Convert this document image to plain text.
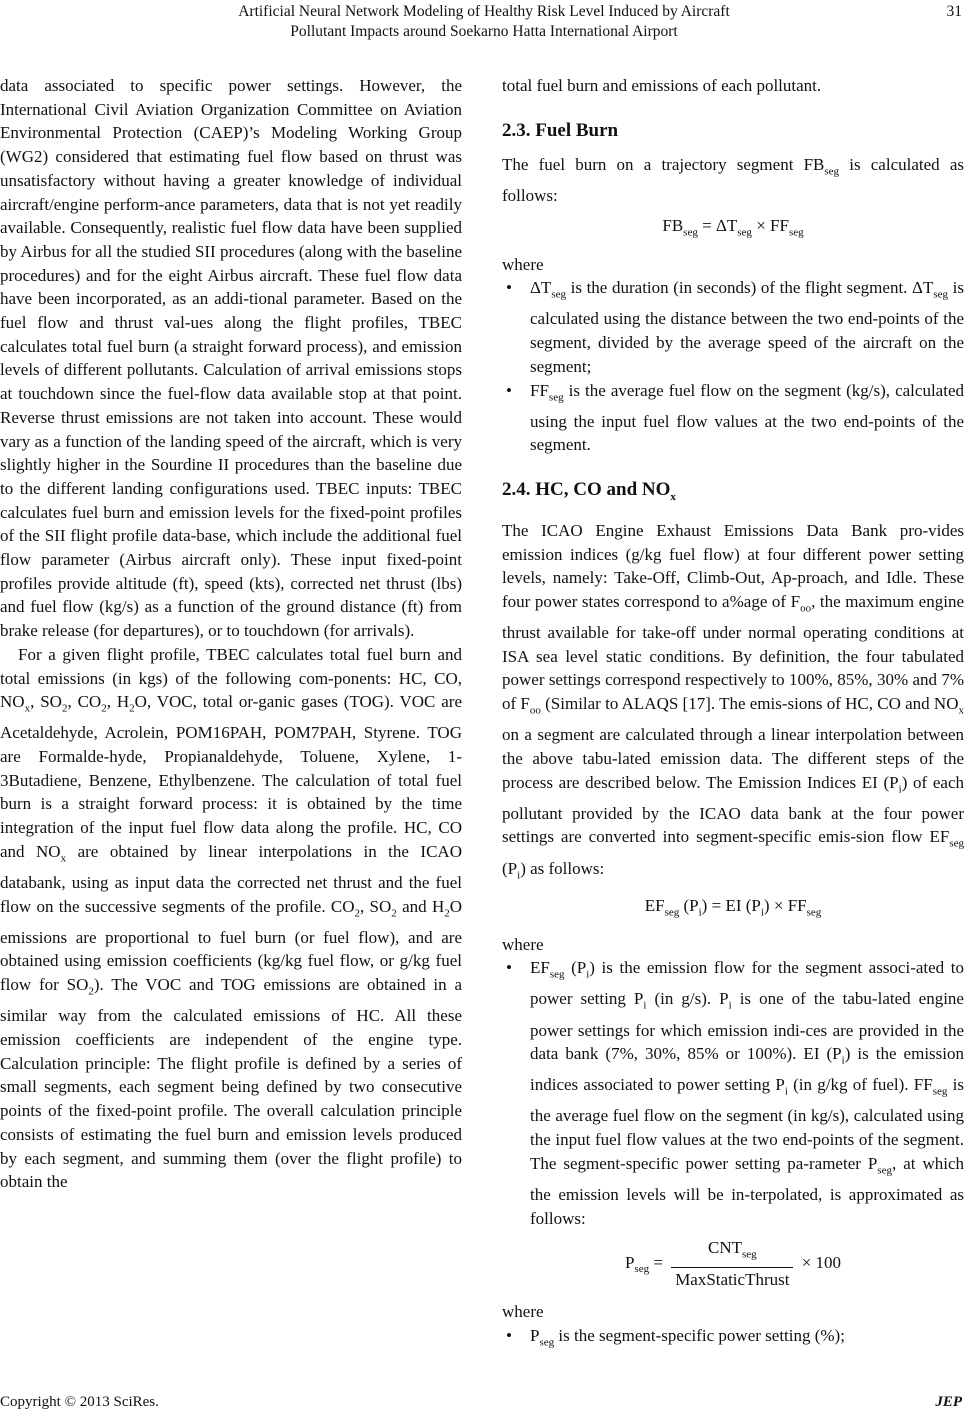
Artificial Neural Network Modeling of Healthy Risk Level Induced by Aircraft
Pollutant Impacts around Soekarno Hatta International Airport
31

data associated to specific power settings. However, the International Civil Aviation Organization Committee on Aviation Environmental Protection (CAEP)’s Modeling Working Group (WG2) considered that estimating fuel flow based on thrust was unsatisfactory without having a greater knowledge of individual aircraft/engine perform-ance parameters, data that is not yet readily available. Consequently, realistic fuel flow data have been supplied by Airbus for all the studied SII procedures (along with the baseline procedures) and for the eight Airbus aircraft. These fuel flow data have been incorporated, as an addi-tional parameter. Based on the fuel flow and thrust val-ues along the flight profiles, TBEC calculates total fuel burn (a straight forward process), and emission levels of different pollutants. Calculation of arrival emissions stops at touchdown since the fuel-flow data available stop at that point. Reverse thrust emissions are not taken into account. These would vary as a function of the landing speed of the aircraft, which is very slightly higher in the Sourdine II procedures than the baseline due to the different landing configurations used. TBEC inputs: TBEC calculates fuel burn and emission levels for the fixed-point profiles of the SII flight profile data-base, which include the additional fuel flow parameter (Airbus aircraft only). These input fixed-point profiles provide altitude (ft), speed (kts), corrected net thrust (lbs) and fuel flow (kg/s) as a function of the ground distance (ft) from brake release (for departures), or to touchdown (for arrivals).

For a given flight profile, TBEC calculates total fuel burn and total emissions (in kgs) of the following com-ponents: HC, CO, $NO_x$, $SO_2$, $CO_2$, $H_2O$, VOC, total or-ganic gases (TOG). VOC are Acetaldehyde, Acrolein, POM16PAH, POM7PAH, Styrene. TOG are Formalde-hyde, Propianaldehyde, Toluene, Xylene, 1-3Butadiene, Benzene, Ethylbenzene. The calculation of total fuel burn is a straight forward process: it is obtained by the time integration of the input fuel flow data along the profile. HC, CO and $NO_x$ are obtained by linear interpolations in the ICAO databank, using as input data the corrected net thrust and the fuel flow on the successive segments of the profile. $CO_2$, $SO_2$ and $H_2O$ emissions are proportional to fuel burn (or fuel flow), and are obtained using emission coefficients (kg/kg fuel flow, or g/kg fuel flow for $SO_2$). The VOC and TOG emissions are obtained in a similar way from the calculated emissions of HC. All these emission coefficients are independent of the engine type. Calculation principle: The flight profile is defined by a series of small segments, each segment being defined by two consecutive points of the fixed-point profile. The overall calculation principle consists of estimating the fuel burn and emission levels produced by each segment, and summing them (over the flight profile) to obtain the

total fuel burn and emissions of each pollutant.

2.3. Fuel Burn

The fuel burn on a trajectory segment $FB_{seg}$ is calculated as follows:

$FB_{seg} = \Delta T_{seg} \times FF_{seg}$

where

• $\Delta T_{seg}$ is the duration (in seconds) of the flight segment. $\Delta T_{seg}$ is calculated using the distance between the two end-points of the segment, divided by the average speed of the aircraft on the segment;
• $FF_{seg}$ is the average fuel flow on the segment (kg/s), calculated using the input fuel flow values at the two end-points of the segment.
2.4. HC, CO and $NO_x$

The ICAO Engine Exhaust Emissions Data Bank pro-vides emission indices (g/kg fuel flow) at four different power setting levels, namely: Take-Off, Climb-Out, Ap-proach, and Idle. These four power states correspond to a%age of $F_{oo}$, the maximum engine thrust available for take-off under normal operating conditions at ISA sea level static conditions. By definition, the four tabulated power settings correspond respectively to 100%, 85%, 30% and 7% of $F_{oo}$ (Similar to ALAQS [17]. The emis-sions of HC, CO and $NO_x$ on a segment are calculated through a linear interpolation between the above tabu-lated emission data. The different steps of the process are described below. The Emission Indices EI $(P_i)$ of each pollutant provided by the ICAO data bank at the four power settings are converted into segment-specific emis-sion flow $EF_{seg}$ $(P_i)$ as follows:

$EF_{seg}$ $(P_i)$ = EI $(P_i) \times FF_{seg}$

where

• $EF_{seg}$ $(P_i)$ is the emission flow for the segment associ-ated to power setting $P_i$ (in g/s). $P_i$ is one of the tabu-lated engine power settings for which emission indi-ces are provided in the data bank (7%, 30%, 85% or 100%). EI $(P_i)$ is the emission indices associated to power setting $P_i$ (in g/kg of fuel). $FF_{seg}$ is the average fuel flow on the segment (in kg/s), calculated using the input fuel flow values at the two end-points of the segment. The segment-specific power setting pa-rameter $P_{seg}$, at which the emission levels will be in-terpolated, is approximated as follows:
$P_{seg} = \frac{CNT_{seg}}{\text{MaxStaticThrust}} \times 100$

where

• $P_{seg}$ is the segment-specific power setting (%);
Copyright © 2013 SciRes.	JEP
